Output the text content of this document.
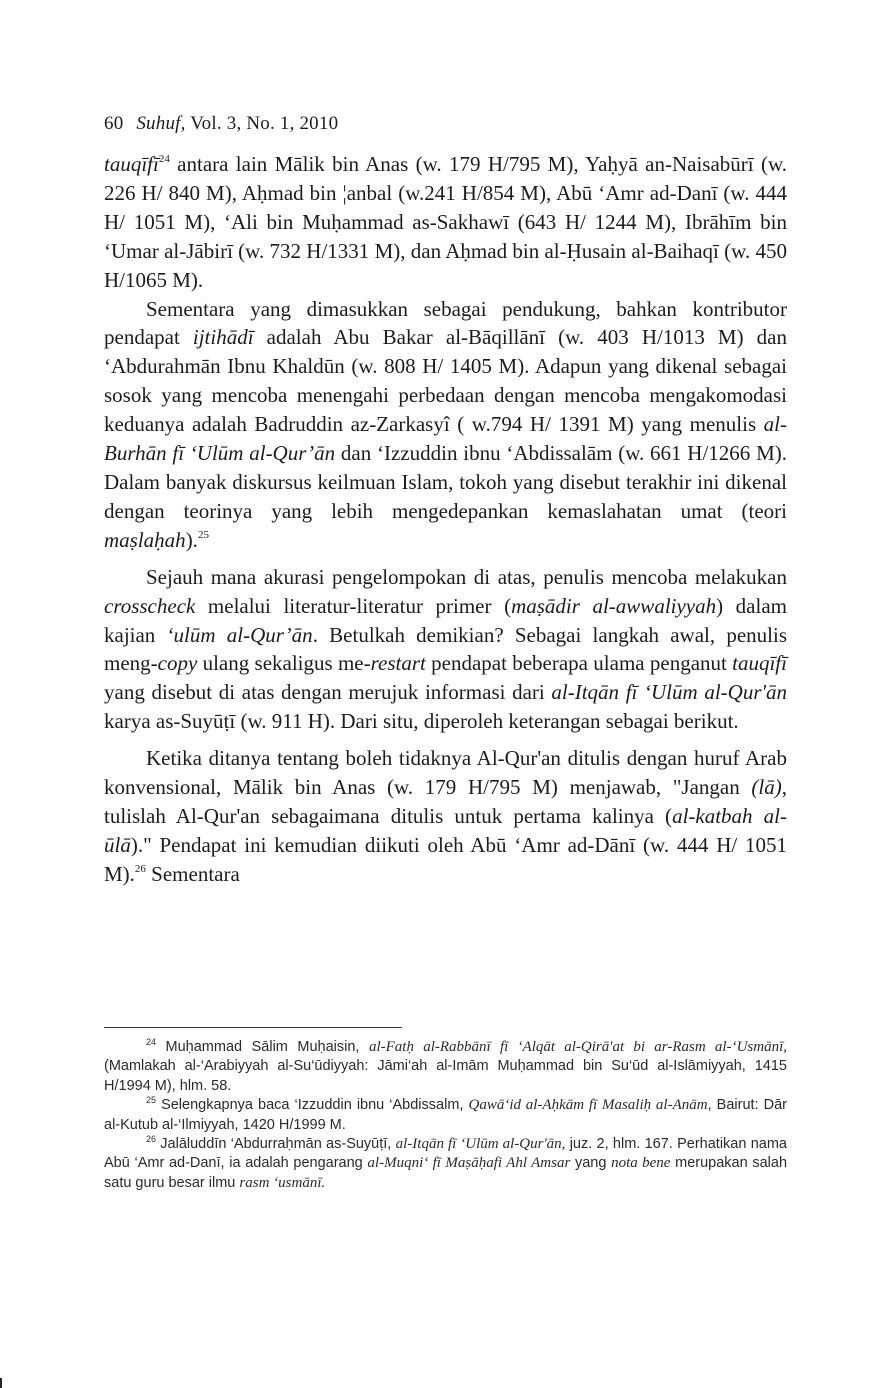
60 Suhuf, Vol. 3, No. 1, 2010

tauqīfī$^{24}$ antara lain Mālik bin Anas (w. 179 H/795 M), Yaḥyā an-Naisabūrī (w. 226 H/ 840 M), Aḥmad bin ¦anbal (w.241 H/854 M), Abū ‘Amr ad-Danī (w. 444 H/ 1051 M), ‘Ali bin Muḥammad as-Sakhawī (643 H/ 1244 M), Ibrāhīm bin ‘Umar al-Jābirī (w. 732 H/1331 M), dan Aḥmad bin al-Ḥusain al-Baihaqī (w. 450 H/1065 M).

Sementara yang dimasukkan sebagai pendukung, bahkan kontributor pendapat ijtihādī adalah Abu Bakar al-Bāqillānī (w. 403 H/1013 M) dan ‘Abdurahmān Ibnu Khaldūn (w. 808 H/ 1405 M). Adapun yang dikenal sebagai sosok yang mencoba menengahi perbedaan dengan mencoba mengakomodasi keduanya adalah Badruddin az-Zarkasyî ( w.794 H/ 1391 M) yang menulis al-Burhān fī ‘Ulūm al-Qur’ān dan ‘Izzuddin ibnu ‘Abdissalām (w. 661 H/1266 M). Dalam banyak diskursus keilmuan Islam, tokoh yang disebut terakhir ini dikenal dengan teorinya yang lebih mengedepankan kemaslahatan umat (teori maṣlaḥah).$^{25}$

Sejauh mana akurasi pengelompokan di atas, penulis mencoba melakukan crosscheck melalui literatur-literatur primer (maṣādir al-awwaliyyah) dalam kajian ‘ulūm al-Qur’ān. Betulkah demikian? Sebagai langkah awal, penulis meng-copy ulang sekaligus me-restart pendapat beberapa ulama penganut tauqīfī yang disebut di atas dengan merujuk informasi dari al-Itqān fī ‘Ulūm al-Qur'ān karya as-Suyūṭī (w. 911 H). Dari situ, diperoleh keterangan sebagai berikut.

Ketika ditanya tentang boleh tidaknya Al-Qur'an ditulis dengan huruf Arab konvensional, Mālik bin Anas (w. 179 H/795 M) menjawab, "Jangan (lā), tulislah Al-Qur'an sebagaimana ditulis untuk pertama kalinya (al-katbah al-ūlā)." Pendapat ini kemudian diikuti oleh Abū ‘Amr ad-Dānī (w. 444 H/ 1051 M).$^{26}$ Sementara

$^{24}$ Muḥammad Sālim Muḥaisin, al-Fatḥ al-Rabbānī fī ‘Alqāt al-Qirā'at bi ar-Rasm al-‘Usmānī, (Mamlakah al-‘Arabiyyah al-Su‘ūdiyyah: Jāmi‘ah al-Imām Muḥammad bin Su‘ūd al-Islāmiyyah, 1415 H/1994 M), hlm. 58.

$^{25}$ Selengkapnya baca ‘Izzuddin ibnu ‘Abdissalm, Qawā‘id al-Aḥkām fī Masaliḥ al-Anām, Bairut: Dār al-Kutub al-‘Ilmiyyah, 1420 H/1999 M.

$^{26}$ Jalāluddīn ‘Abdurraḥmān as-Suyūṭī, al-Itqān fī ‘Ulūm al-Qur'ān, juz. 2, hlm. 167. Perhatikan nama Abū ‘Amr ad-Danī, ia adalah pengarang al-Muqni‘ fī Maṣāḥafi Ahl Amsar yang nota bene merupakan salah satu guru besar ilmu rasm ‘usmānī.
